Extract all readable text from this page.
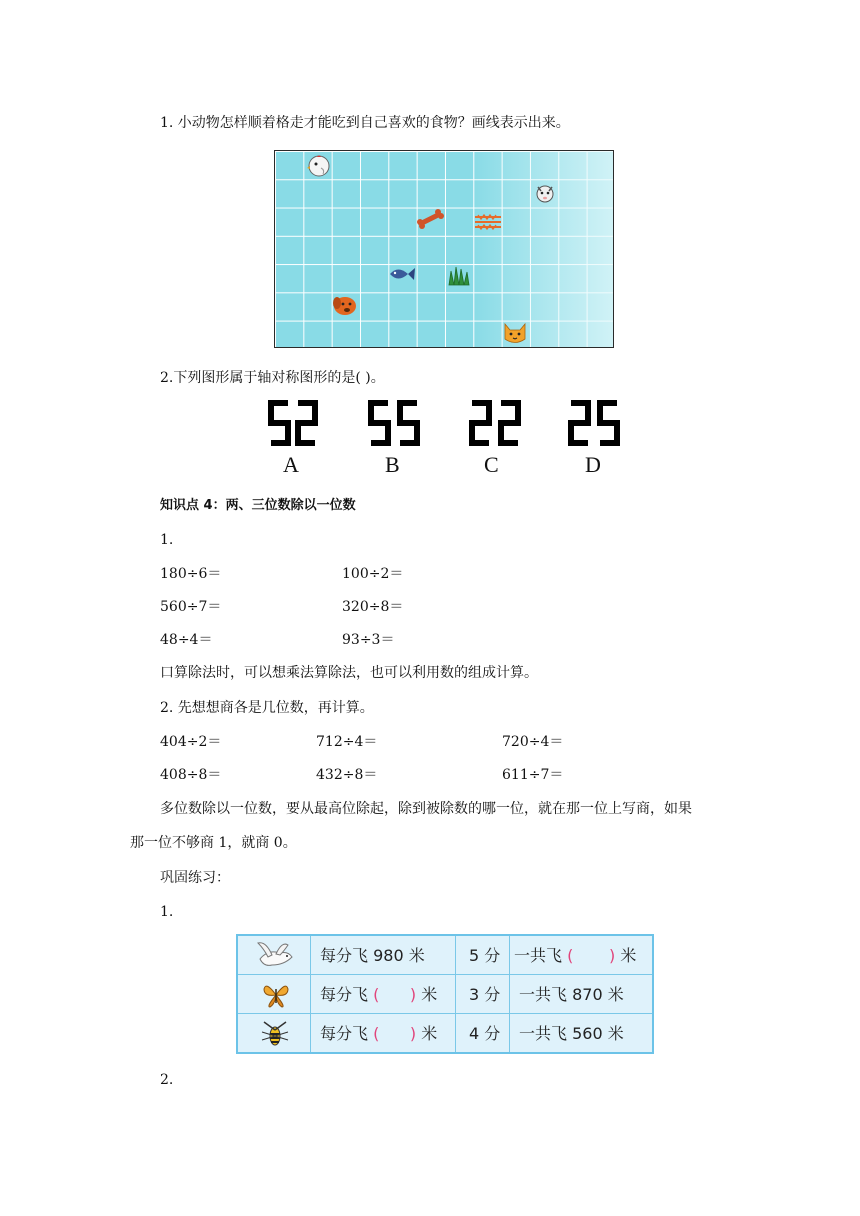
1. 小动物怎样顺着格走才能吃到自己喜欢的食物？画线表示出来。
2.下列图形属于轴对称图形的是( )。
A	B	C	D
知识点 4：两、三位数除以一位数
1.
180÷6＝	100÷2＝
560÷7＝	320÷8＝
48÷4＝	93÷3＝
口算除法时，可以想乘法算除法，也可以利用数的组成计算。
2. 先想想商各是几位数，再计算。
404÷2＝	712÷4＝	720÷4＝
408÷8＝	432÷8＝	611÷7＝
多位数除以一位数，要从最高位除起，除到被除数的哪一位，就在那一位上写商，如果
那一位不够商 1，就商 0。
巩固练习：
1.
每分飞 980 米	5 分 一共飞 ( ) 米
每分飞 ( ) 米 3 分 一共飞 870 米
每分飞 ( ) 米 4 分 一共飞 560 米
2.
